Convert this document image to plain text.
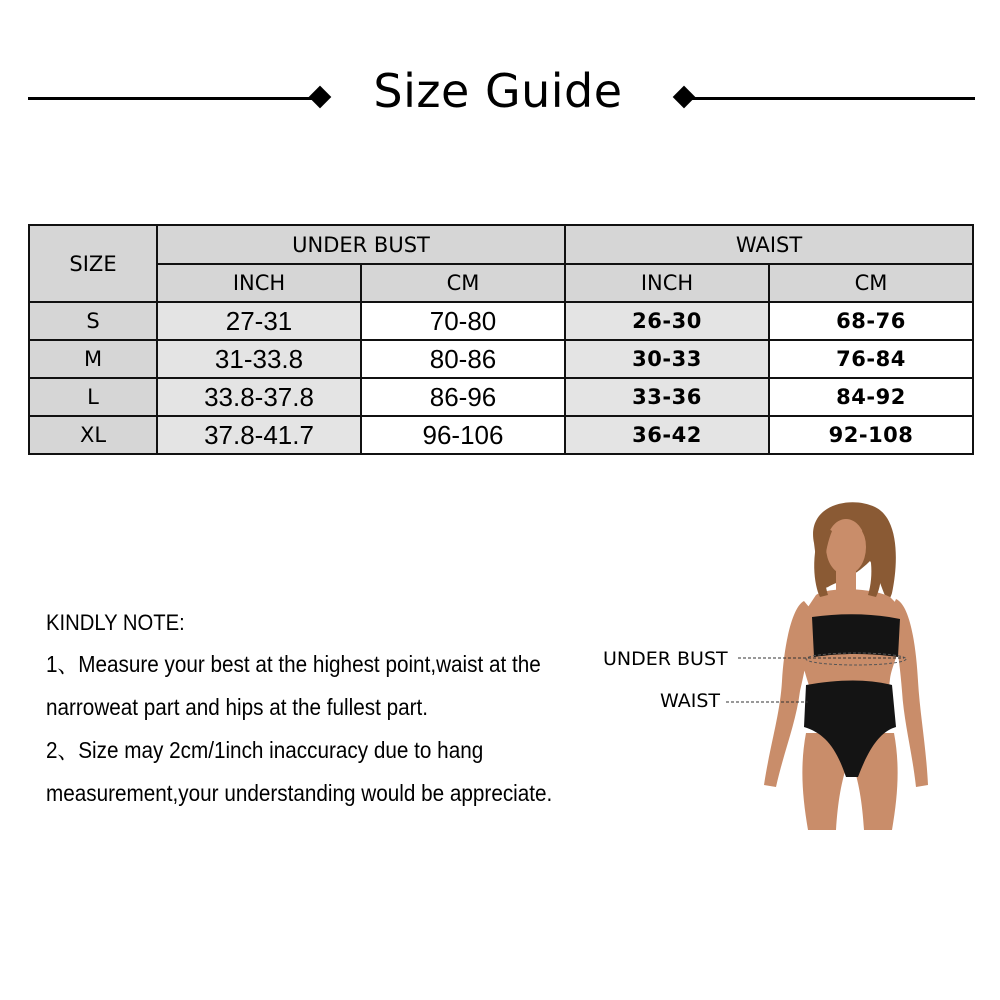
Size Guide
SIZE	UNDER BUST		WAIST	
	INCH	CM	INCH	CM
S	27-31	70-80	26-30	68-76
M	31-33.8	80-86	30-33	76-84
L	33.8-37.8	86-96	33-36	84-92
XL	37.8-41.7	96-106	36-42	92-108
KINDLY NOTE:
1、Measure your best at the highest point,waist at the
narroweat part and hips at the fullest part.
2、Size may 2cm/1inch inaccuracy due to hang
measurement,your understanding would be appreciate.
UNDER BUST
WAIST
